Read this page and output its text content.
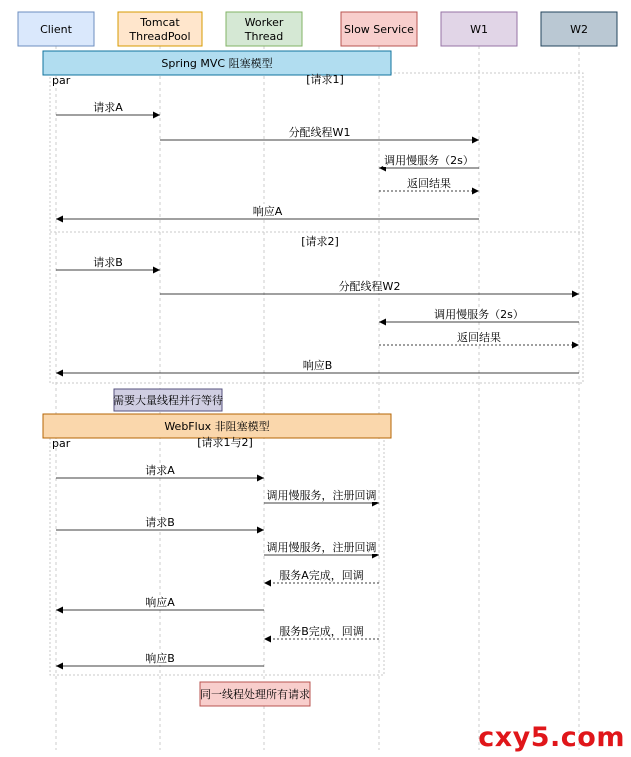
Client
Tomcat ThreadPool
Worker Thread
Slow Service	W1	W2
Spring MVC 阻塞模型
WebFlux 非阻塞模型
par	[请求1]
[请求2]
par	[请求1与2]
请求A
分配线程W1
调用慢服务（2s）
返回结果
响应A
请求B
分配线程W2
调用慢服务（2s）
返回结果
响应B
请求A
调用慢服务，注册回调
请求B
调用慢服务，注册回调
服务A完成，回调
响应A
服务B完成，回调
响应B
需要大量线程并行等待
同一线程处理所有请求
cxy5.com
